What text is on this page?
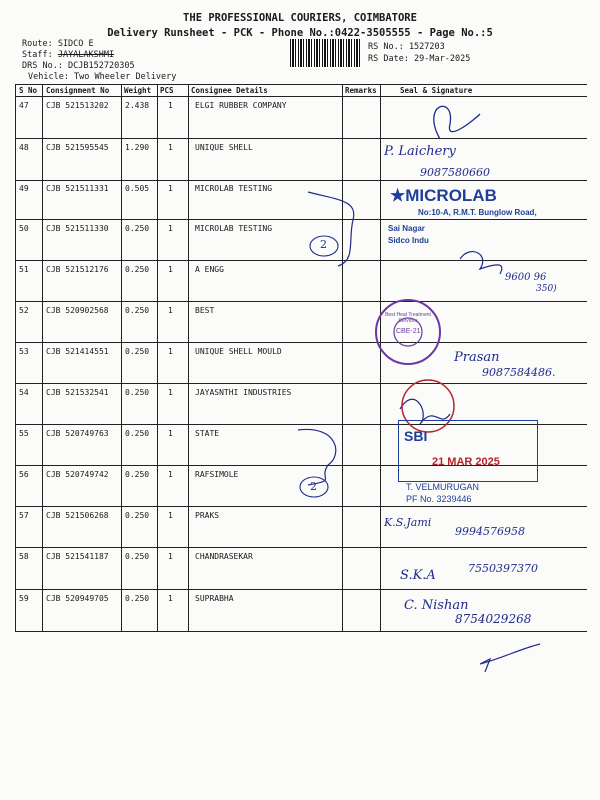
THE PROFESSIONAL COURIERS, COIMBATORE
Delivery Runsheet - PCK - Phone No.:0422-3505555 - Page No.:5
Route: SIDCO E
Staff: JAYALAKSHMI
DRS No.: DCJB152720305
Vehicle: Two Wheeler Delivery
RS No.: 1527203
RS Date: 29-Mar-2025
S No Consignment No Weight PCS Consignee Details	Remarks	Seal & Signature
47 CJB 521513202 2.438 1	ELGI RUBBER COMPANY
48 CJB 521595545 1.290 1	UNIQUE SHELL
49 CJB 521511331 0.505 1	MICROLAB TESTING
50 CJB 521511330 0.250 1	MICROLAB TESTING
51 CJB 521512176 0.250 1	A ENGG
52 CJB 520902568 0.250 1	BEST
53 CJB 521414551 0.250 1	UNIQUE SHELL MOULD
54 CJB 521532541 0.250 1	JAYASNTHI INDUSTRIES
55 CJB 520749763 0.250 1	STATE
56 CJB 520749742 0.250 1	RAFSIMOLE
57 CJB 521506268 0.250 1	PRAKS
58 CJB 521541187 0.250 1	CHANDRASEKAR
59 CJB 520949705 0.250 1	SUPRABHA
2
2
P. Laichery
9087580660
9600 96
350)
Prasan
9087584486.
K.S.Jami
9994576958
S.K.A	7550397370
C. Nishan
8754029268
★MICROLAB
No:10-A, R.M.T. Bunglow Road,
Sai Nagar
Sidco Indu
Best Heat Treatment Services
CBE-21
SBI
21 MAR 2025
T. VELMURUGAN
PF No. 3239446
